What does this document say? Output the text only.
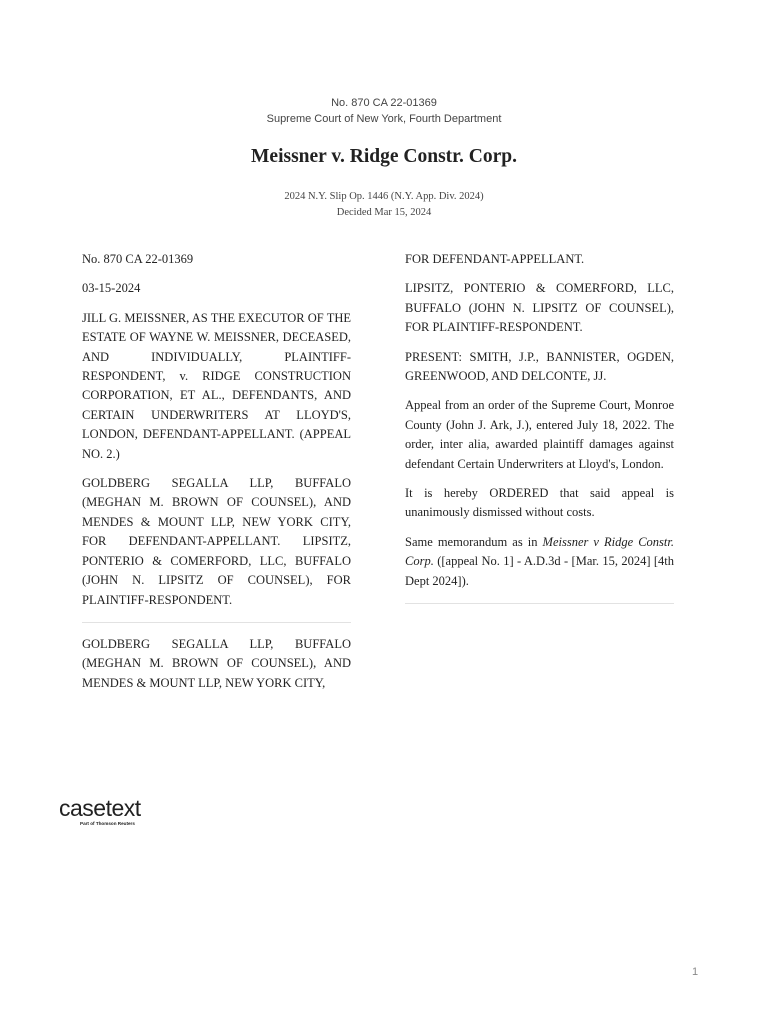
No. 870 CA 22-01369
Supreme Court of New York, Fourth Department
Meissner v. Ridge Constr. Corp.
2024 N.Y. Slip Op. 1446 (N.Y. App. Div. 2024)
Decided Mar 15, 2024

No. 870 CA 22-01369

03-15-2024

JILL G. MEISSNER, AS THE EXECUTOR OF THE ESTATE OF WAYNE W. MEISSNER, DECEASED, AND INDIVIDUALLY, PLAINTIFF-RESPONDENT, v. RIDGE CONSTRUCTION CORPORATION, ET AL., DEFENDANTS, AND CERTAIN UNDERWRITERS AT LLOYD'S, LONDON, DEFENDANT-APPELLANT. (APPEAL NO. 2.)

GOLDBERG SEGALLA LLP, BUFFALO (MEGHAN M. BROWN OF COUNSEL), AND MENDES & MOUNT LLP, NEW YORK CITY, FOR DEFENDANT-APPELLANT. LIPSITZ, PONTERIO & COMERFORD, LLC, BUFFALO (JOHN N. LIPSITZ OF COUNSEL), FOR PLAINTIFF-RESPONDENT.

GOLDBERG SEGALLA LLP, BUFFALO (MEGHAN M. BROWN OF COUNSEL), AND MENDES & MOUNT LLP, NEW YORK CITY,

FOR DEFENDANT-APPELLANT.

LIPSITZ, PONTERIO & COMERFORD, LLC, BUFFALO (JOHN N. LIPSITZ OF COUNSEL), FOR PLAINTIFF-RESPONDENT.

PRESENT: SMITH, J.P., BANNISTER, OGDEN, GREENWOOD, AND DELCONTE, JJ.

Appeal from an order of the Supreme Court, Monroe County (John J. Ark, J.), entered July 18, 2022. The order, inter alia, awarded plaintiff damages against defendant Certain Underwriters at Lloyd's, London.

It is hereby ORDERED that said appeal is unanimously dismissed without costs.

Same memorandum as in Meissner v Ridge Constr. Corp. ([appeal No. 1] - A.D.3d - [Mar. 15, 2024] [4th Dept 2024]).

casetext
Part of Thomson Reuters
1
